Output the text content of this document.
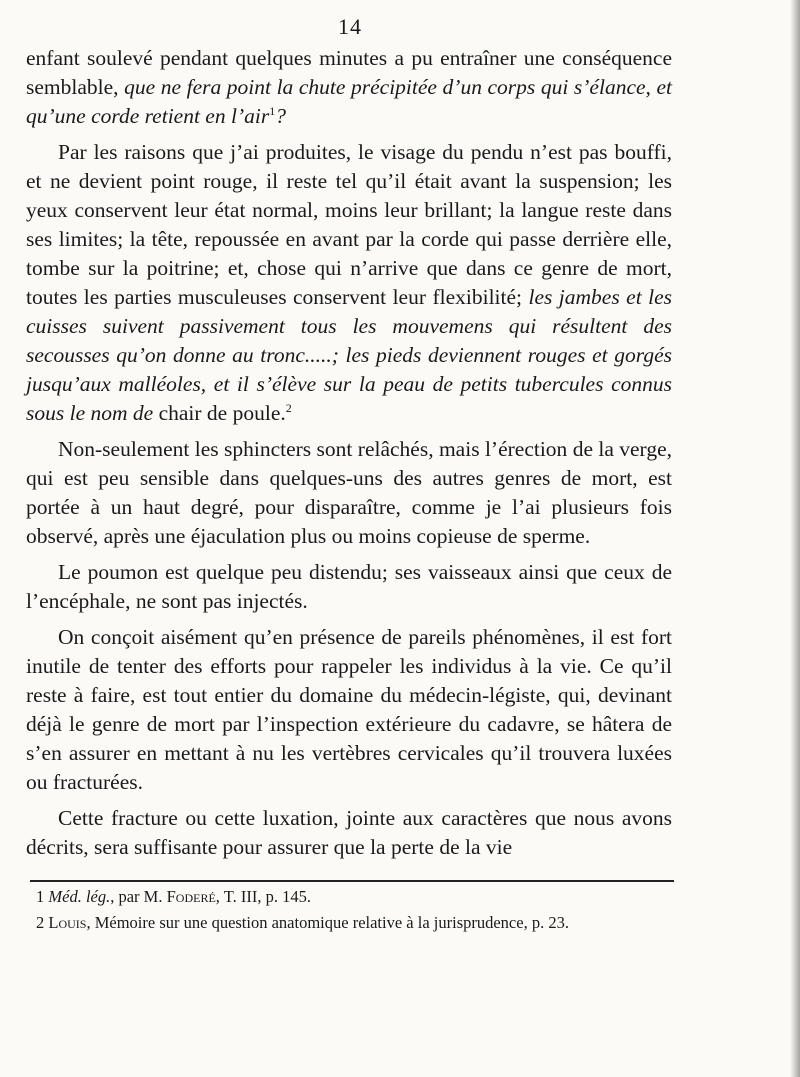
14

enfant soulevé pendant quelques minutes a pu entraîner une conséquence semblable, que ne fera point la chute précipitée d’un corps qui s’élance, et qu’une corde retient en l’air$^1$?

Par les raisons que j’ai produites, le visage du pendu n’est pas bouffi, et ne devient point rouge, il reste tel qu’il était avant la suspension; les yeux conservent leur état normal, moins leur brillant; la langue reste dans ses limites; la tête, repoussée en avant par la corde qui passe derrière elle, tombe sur la poitrine; et, chose qui n’arrive que dans ce genre de mort, toutes les parties musculeuses conservent leur flexibilité; les jambes et les cuisses suivent passivement tous les mouvemens qui résultent des secousses qu’on donne au tronc.....; les pieds deviennent rouges et gorgés jusqu’aux malléoles, et il s’élève sur la peau de petits tubercules connus sous le nom de chair de poule.$^2$

Non-seulement les sphincters sont relâchés, mais l’érection de la verge, qui est peu sensible dans quelques-uns des autres genres de mort, est portée à un haut degré, pour disparaître, comme je l’ai plusieurs fois observé, après une éjaculation plus ou moins copieuse de sperme.

Le poumon est quelque peu distendu; ses vaisseaux ainsi que ceux de l’encéphale, ne sont pas injectés.

On conçoit aisément qu’en présence de pareils phénomènes, il est fort inutile de tenter des efforts pour rappeler les individus à la vie. Ce qu’il reste à faire, est tout entier du domaine du médecin-légiste, qui, devinant déjà le genre de mort par l’inspection extérieure du cadavre, se hâtera de s’en assurer en mettant à nu les vertèbres cervicales qu’il trouvera luxées ou fracturées.

Cette fracture ou cette luxation, jointe aux caractères que nous avons décrits, sera suffisante pour assurer que la perte de la vie

1 Méd. lég., par M. Foderé, T. III, p. 145.

2 Louis, Mémoire sur une question anatomique relative à la jurisprudence, p. 23.
